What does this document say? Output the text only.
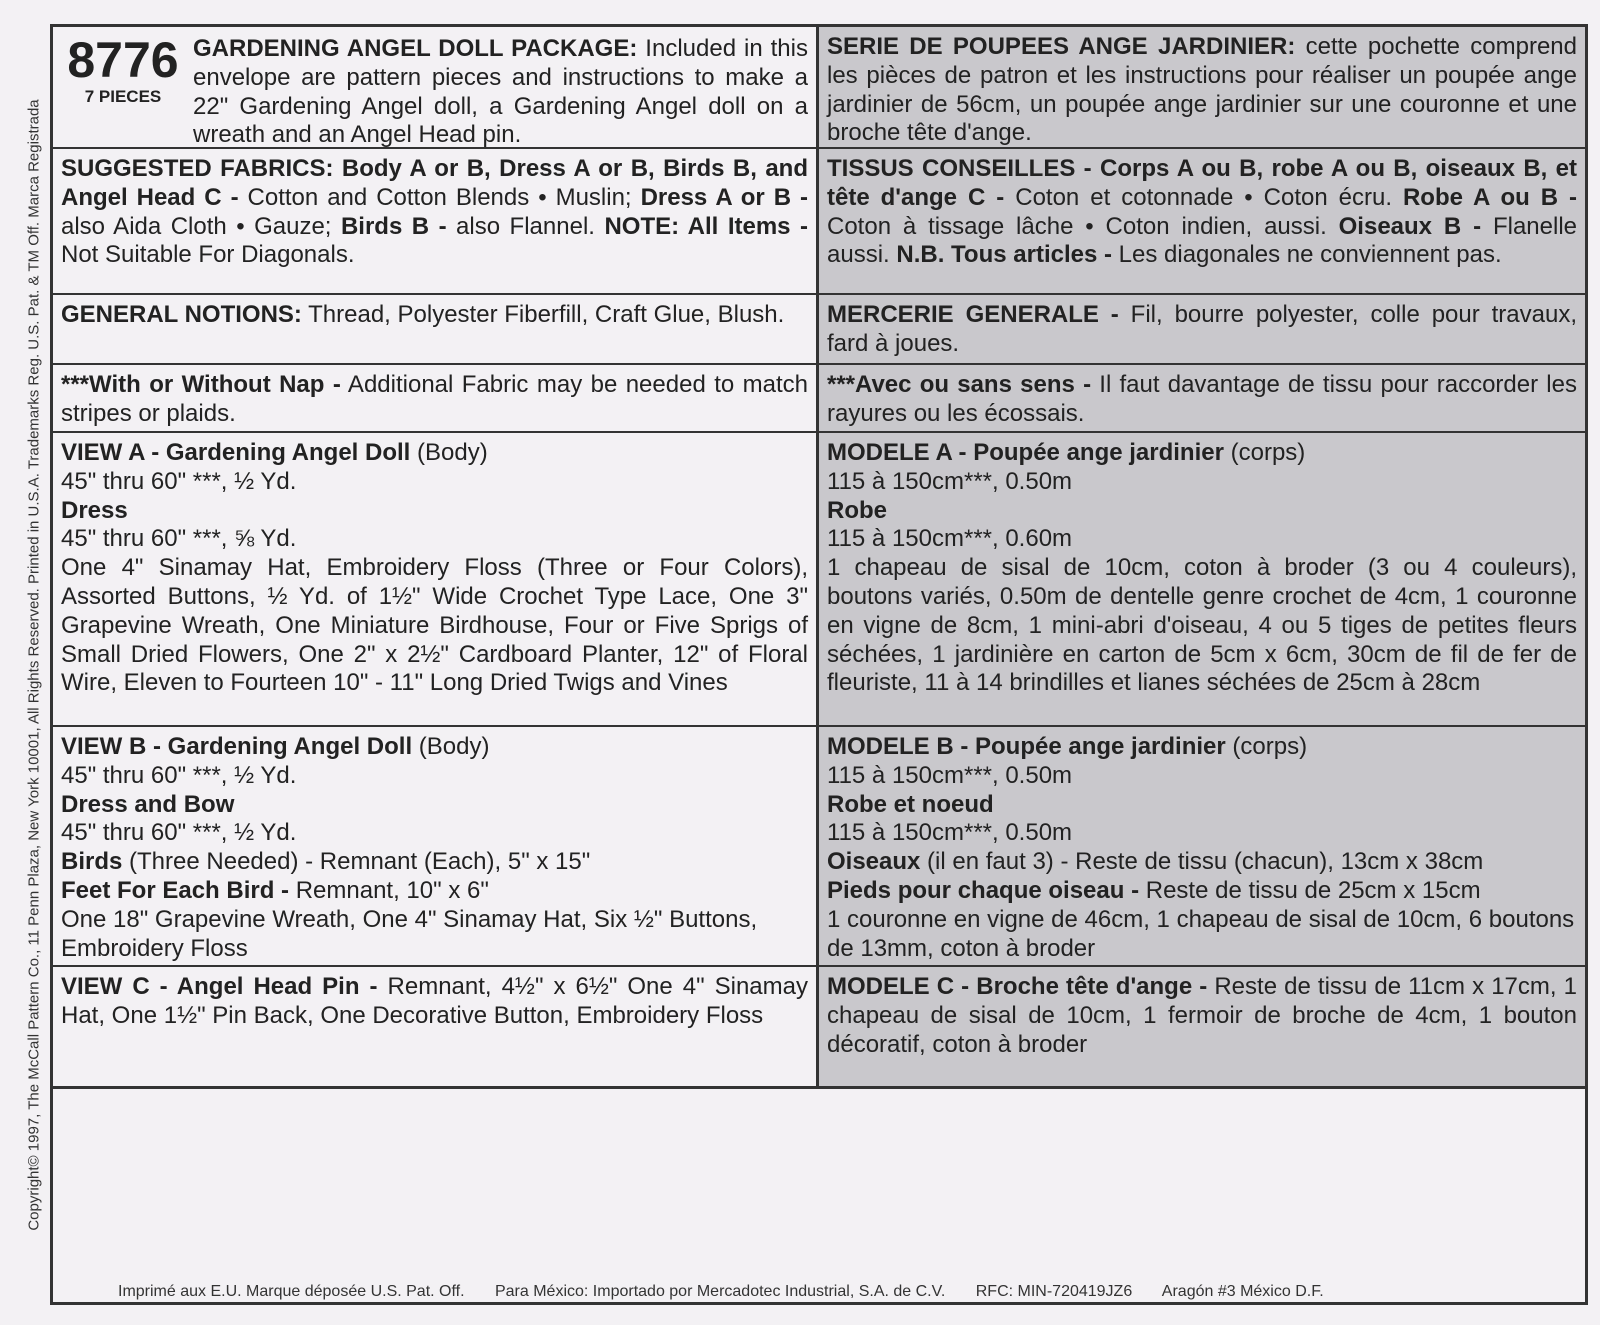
Copyright© 1997, The McCall Pattern Co., 11 Penn Plaza, New York 10001, All Rights Reserved. Printed in U.S.A. Trademarks Reg. U.S. Pat. & TM Off. Marca Registrada
8776
7 PIECES
GARDENING ANGEL DOLL PACKAGE: Included in this envelope are pattern pieces and instructions to make a 22" Gardening Angel doll, a Gardening Angel doll on a wreath and an Angel Head pin.
SERIE DE POUPEES ANGE JARDINIER: cette pochette comprend les pièces de patron et les instructions pour réaliser un poupée ange jardinier de 56cm, un poupée ange jardinier sur une couronne et une broche tête d'ange.
SUGGESTED FABRICS: Body A or B, Dress A or B, Birds B, and Angel Head C - Cotton and Cotton Blends • Muslin; Dress A or B - also Aida Cloth • Gauze; Birds B - also Flannel. NOTE: All Items - Not Suitable For Diagonals.
TISSUS CONSEILLES - Corps A ou B, robe A ou B, oiseaux B, et tête d'ange C - Coton et cotonnade • Coton écru. Robe A ou B - Coton à tissage lâche • Coton indien, aussi. Oiseaux B - Flanelle aussi. N.B. Tous articles - Les diagonales ne conviennent pas.
GENERAL NOTIONS: Thread, Polyester Fiberfill, Craft Glue, Blush.	MERCERIE GENERALE - Fil, bourre polyester, colle pour travaux, fard à joues.
***With or Without Nap - Additional Fabric may be needed to match stripes or plaids.
***Avec ou sans sens - Il faut davantage de tissu pour raccorder les rayures ou les écossais.
VIEW A - Gardening Angel Doll (Body)
45" thru 60" ***, ½ Yd.
Dress
45" thru 60" ***, ⅝ Yd.
One 4" Sinamay Hat, Embroidery Floss (Three or Four Colors), Assorted Buttons, ½ Yd. of 1½" Wide Crochet Type Lace, One 3" Grapevine Wreath, One Miniature Birdhouse, Four or Five Sprigs of Small Dried Flowers, One 2" x 2½" Cardboard Planter, 12" of Floral Wire, Eleven to Fourteen 10" - 11" Long Dried Twigs and Vines
MODELE A - Poupée ange jardinier (corps)
115 à 150cm***, 0.50m
Robe
115 à 150cm***, 0.60m
1 chapeau de sisal de 10cm, coton à broder (3 ou 4 couleurs), boutons variés, 0.50m de dentelle genre crochet de 4cm, 1 couronne en vigne de 8cm, 1 mini-abri d'oiseau, 4 ou 5 tiges de petites fleurs séchées, 1 jardinière en carton de 5cm x 6cm, 30cm de fil de fer de fleuriste, 11 à 14 brindilles et lianes séchées de 25cm à 28cm
VIEW B - Gardening Angel Doll (Body)
45" thru 60" ***, ½ Yd.
Dress and Bow
45" thru 60" ***, ½ Yd.
Birds (Three Needed) - Remnant (Each), 5" x 15"
Feet For Each Bird - Remnant, 10" x 6"
One 18" Grapevine Wreath, One 4" Sinamay Hat, Six ½" Buttons, Embroidery Floss
MODELE B - Poupée ange jardinier (corps)
115 à 150cm***, 0.50m
Robe et noeud
115 à 150cm***, 0.50m
Oiseaux (il en faut 3) - Reste de tissu (chacun), 13cm x 38cm
Pieds pour chaque oiseau - Reste de tissu de 25cm x 15cm
1 couronne en vigne de 46cm, 1 chapeau de sisal de 10cm, 6 boutons de 13mm, coton à broder
VIEW C - Angel Head Pin - Remnant, 4½" x 6½" One 4" Sinamay Hat, One 1½" Pin Back, One Decorative Button, Embroidery Floss
MODELE C - Broche tête d'ange - Reste de tissu de 11cm x 17cm, 1 chapeau de sisal de 10cm, 1 fermoir de broche de 4cm, 1 bouton décoratif, coton à broder
Imprimé aux E.U. Marque déposée U.S. Pat. Off. Para México: Importado por Mercadotec Industrial, S.A. de C.V. RFC: MIN-720419JZ6 Aragón #3 México D.F.
